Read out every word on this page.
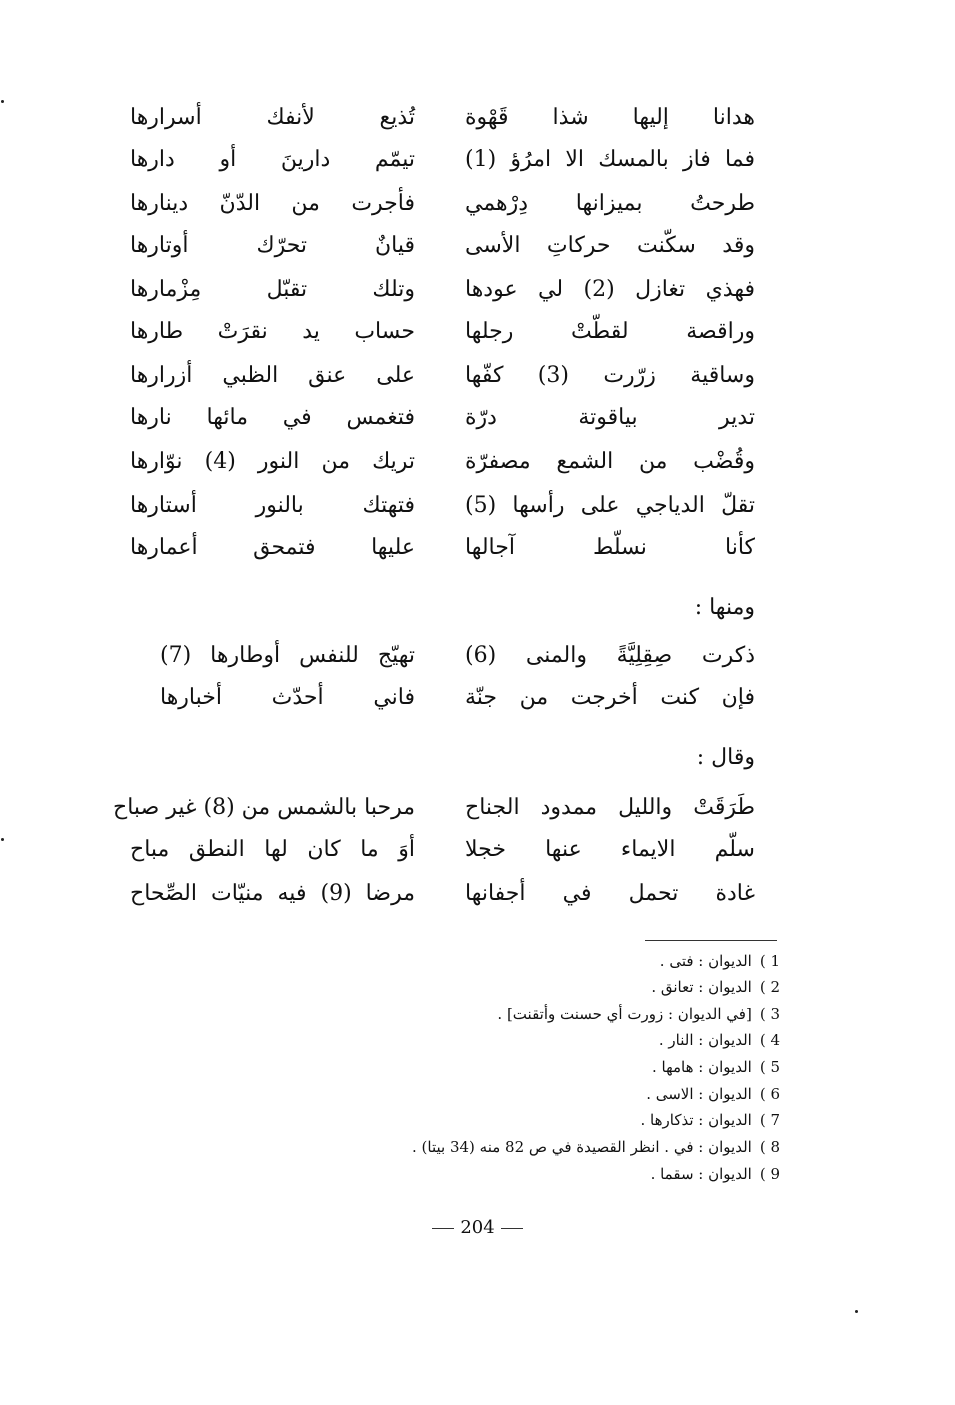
هدانا إليها شذا قَهْوة
تُذيع لأنفك أسرارها
فما فاز بالمسك الا امرُؤ (1)
تيمّم دارينَ أو دارها
طرحتُ بميزانها دِرْهمي
فأجرت من الدّنّ دينارها
وقد سكّنت حركاتِ الأسى
قيانٌ تحرّك أوتارها
فهذي تغازل (2) لي عودها
وتلك تقبّل مِزْمارها
وراقصة لقطّتْ رجلها
حساب يد نقرَتْ طارها
وساقية زرّرت (3) كفّها
على عنق الظبي أزرارها
تدير بياقوتة درّة
فتغمس في مائها نارها
وقُضْب من الشمع مصفرّة
تريك من النور (4) نوّارها
تقلّ الدياجي على رأسها (5)
فتهتك بالنور أستارها
كأنا نسلّط آجالها
عليها فتمحق أعمارها
ومنها :
ذكرت صِقِلِيَّةً والمنى (6)
تهيّج للنفس أوطارها (7)
فإن كنت أخرجت من جنّة
فاني أحدّث أخبارها
وقال :
طَرَقَتْ والليل ممدود الجناح
مرحبا بالشمس من (8) غير صباح
سلّم الايماء عنها خجلا
أوَ ما كان لها النطق مباح
غادة تحمل في أجفانها
مرضا (9) فيه منيّات الصِّحاح
1 )الديوان : فتى .
2 )الديوان : تعانق .
3 )[في الديوان : زورت أي حسنت وأتقنت] .
4 )الديوان : النار .
5 )الديوان : هامها .
6 )الديوان : الاسى .
7 )الديوان : تذكارها .
8 )الديوان : في . انظر القصيدة في ص 82 منه (34 بيتا) .
9 )الديوان : سقما .
204
